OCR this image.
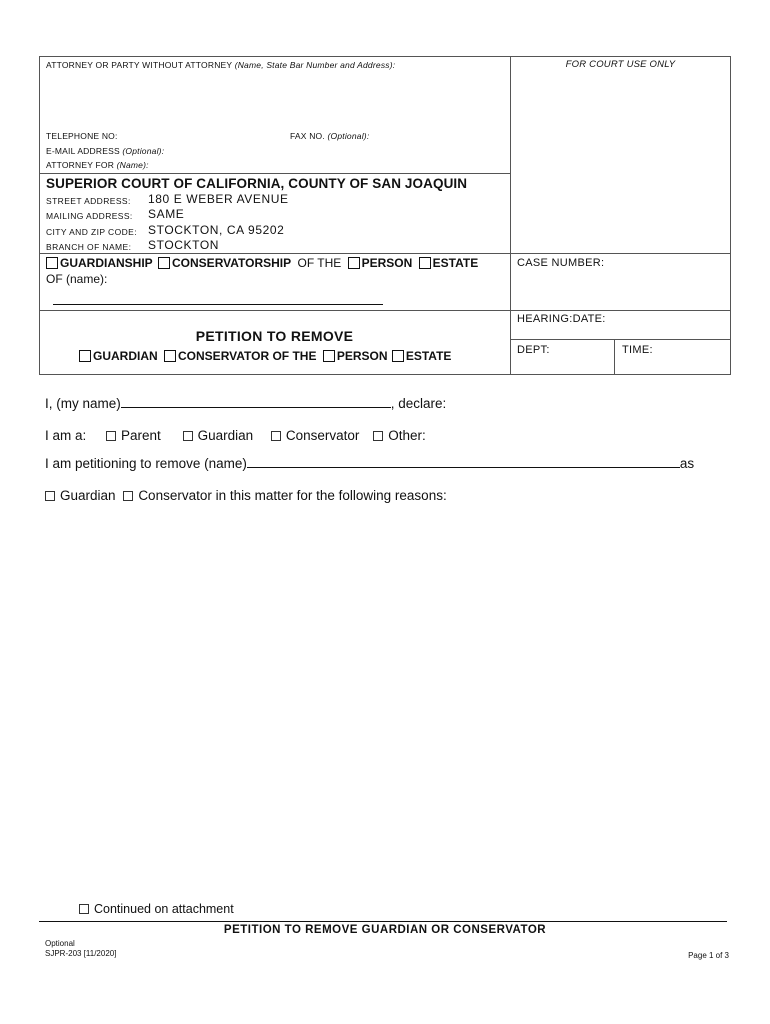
ATTORNEY OR PARTY WITHOUT ATTORNEY (Name, State Bar Number and Address):	FOR COURT USE ONLY
TELEPHONE NO:	FAX NO. (Optional):
E-MAIL ADDRESS (Optional):
ATTORNEY FOR (Name):
SUPERIOR COURT OF CALIFORNIA, COUNTY OF SAN JOAQUIN
STREET ADDRESS: 180 E WEBER AVENUE
MAILING ADDRESS: SAME
CITY AND ZIP CODE: STOCKTON, CA 95202
BRANCH OF NAME: STOCKTON
GUARDIANSHIP CONSERVATORSHIP OF THE PERSON ESTATE
OF (name):
CASE NUMBER:
HEARING:DATE:
DEPT:	TIME:
PETITION TO REMOVE
GUARDIAN CONSERVATOR OF THE PERSON ESTATE
I, (my name)	, declare:
I am a:	Parent	Guardian Conservator Other:
I am petitioning to remove (name)	as
Guardian Conservator in this matter for the following reasons:
Continued on attachment
PETITION TO REMOVE GUARDIAN OR CONSERVATOR
Optional
SJPR-203 [11/2020]	Page 1 of 3
